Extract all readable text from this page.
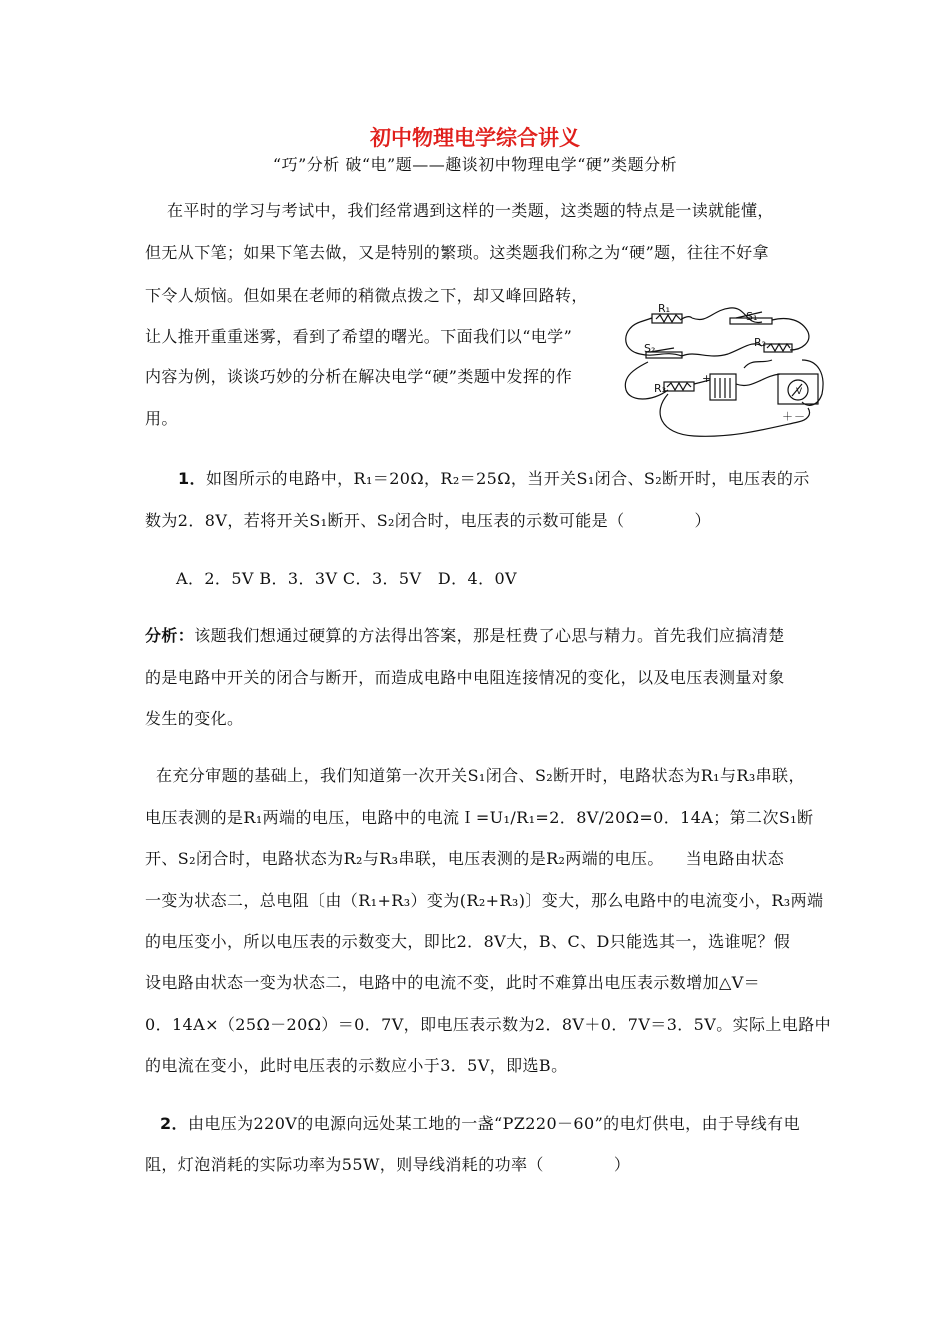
初中物理电学综合讲义
“巧”分析 破“电”题——趣谈初中物理电学“硬”类题分析
在平时的学习与考试中，我们经常遇到这样的一类题，这类题的特点是一读就能懂，
但无从下笔；如果下笔去做，又是特别的繁琐。这类题我们称之为“硬”题，往往不好拿
下令人烦恼。但如果在老师的稍微点拨之下，却又峰回路转，
让人推开重重迷雾，看到了希望的曙光。下面我们以“电学”
内容为例，谈谈巧妙的分析在解决电学“硬”类题中发挥的作
用。
R₁
S₁
R₂
S₂
R₃
+
V
＋ －
1．如图所示的电路中，R₁＝20Ω，R₂＝25Ω，当开关S₁闭合、S₂断开时，电压表的示
数为2．8V，若将开关S₁断开、S₂闭合时，电压表的示数可能是（	）
A．2．5V B．3．3V C．3．5V　D．4．0V
分析：该题我们想通过硬算的方法得出答案，那是枉费了心思与精力。首先我们应搞清楚
的是电路中开关的闭合与断开，而造成电路中电阻连接情况的变化，以及电压表测量对象
发生的变化。
在充分审题的基础上，我们知道第一次开关S₁闭合、S₂断开时，电路状态为R₁与R₃串联，
电压表测的是R₁两端的电压，电路中的电流Ｉ=U₁/R₁=2．8V/20Ω=0．14A；第二次S₁断
开、S₂闭合时，电路状态为R₂与R₃串联，电压表测的是R₂两端的电压。    当电路由状态
一变为状态二，总电阻〔由（R₁+R₃）变为(R₂+R₃)〕变大，那么电路中的电流变小，R₃两端
的电压变小，所以电压表的示数变大，即比2．8V大，B、C、D只能选其一，选谁呢？假
设电路由状态一变为状态二，电路中的电流不变，此时不难算出电压表示数增加△V＝
0．14A×（25Ω－20Ω）＝0．7V，即电压表示数为2．8V＋0．7V＝3．5V。实际上电路中
的电流在变小，此时电压表的示数应小于3．5V，即选B。
2．由电压为220V的电源向远处某工地的一盏“PZ220－60”的电灯供电，由于导线有电
阻，灯泡消耗的实际功率为55W，则导线消耗的功率（	）
